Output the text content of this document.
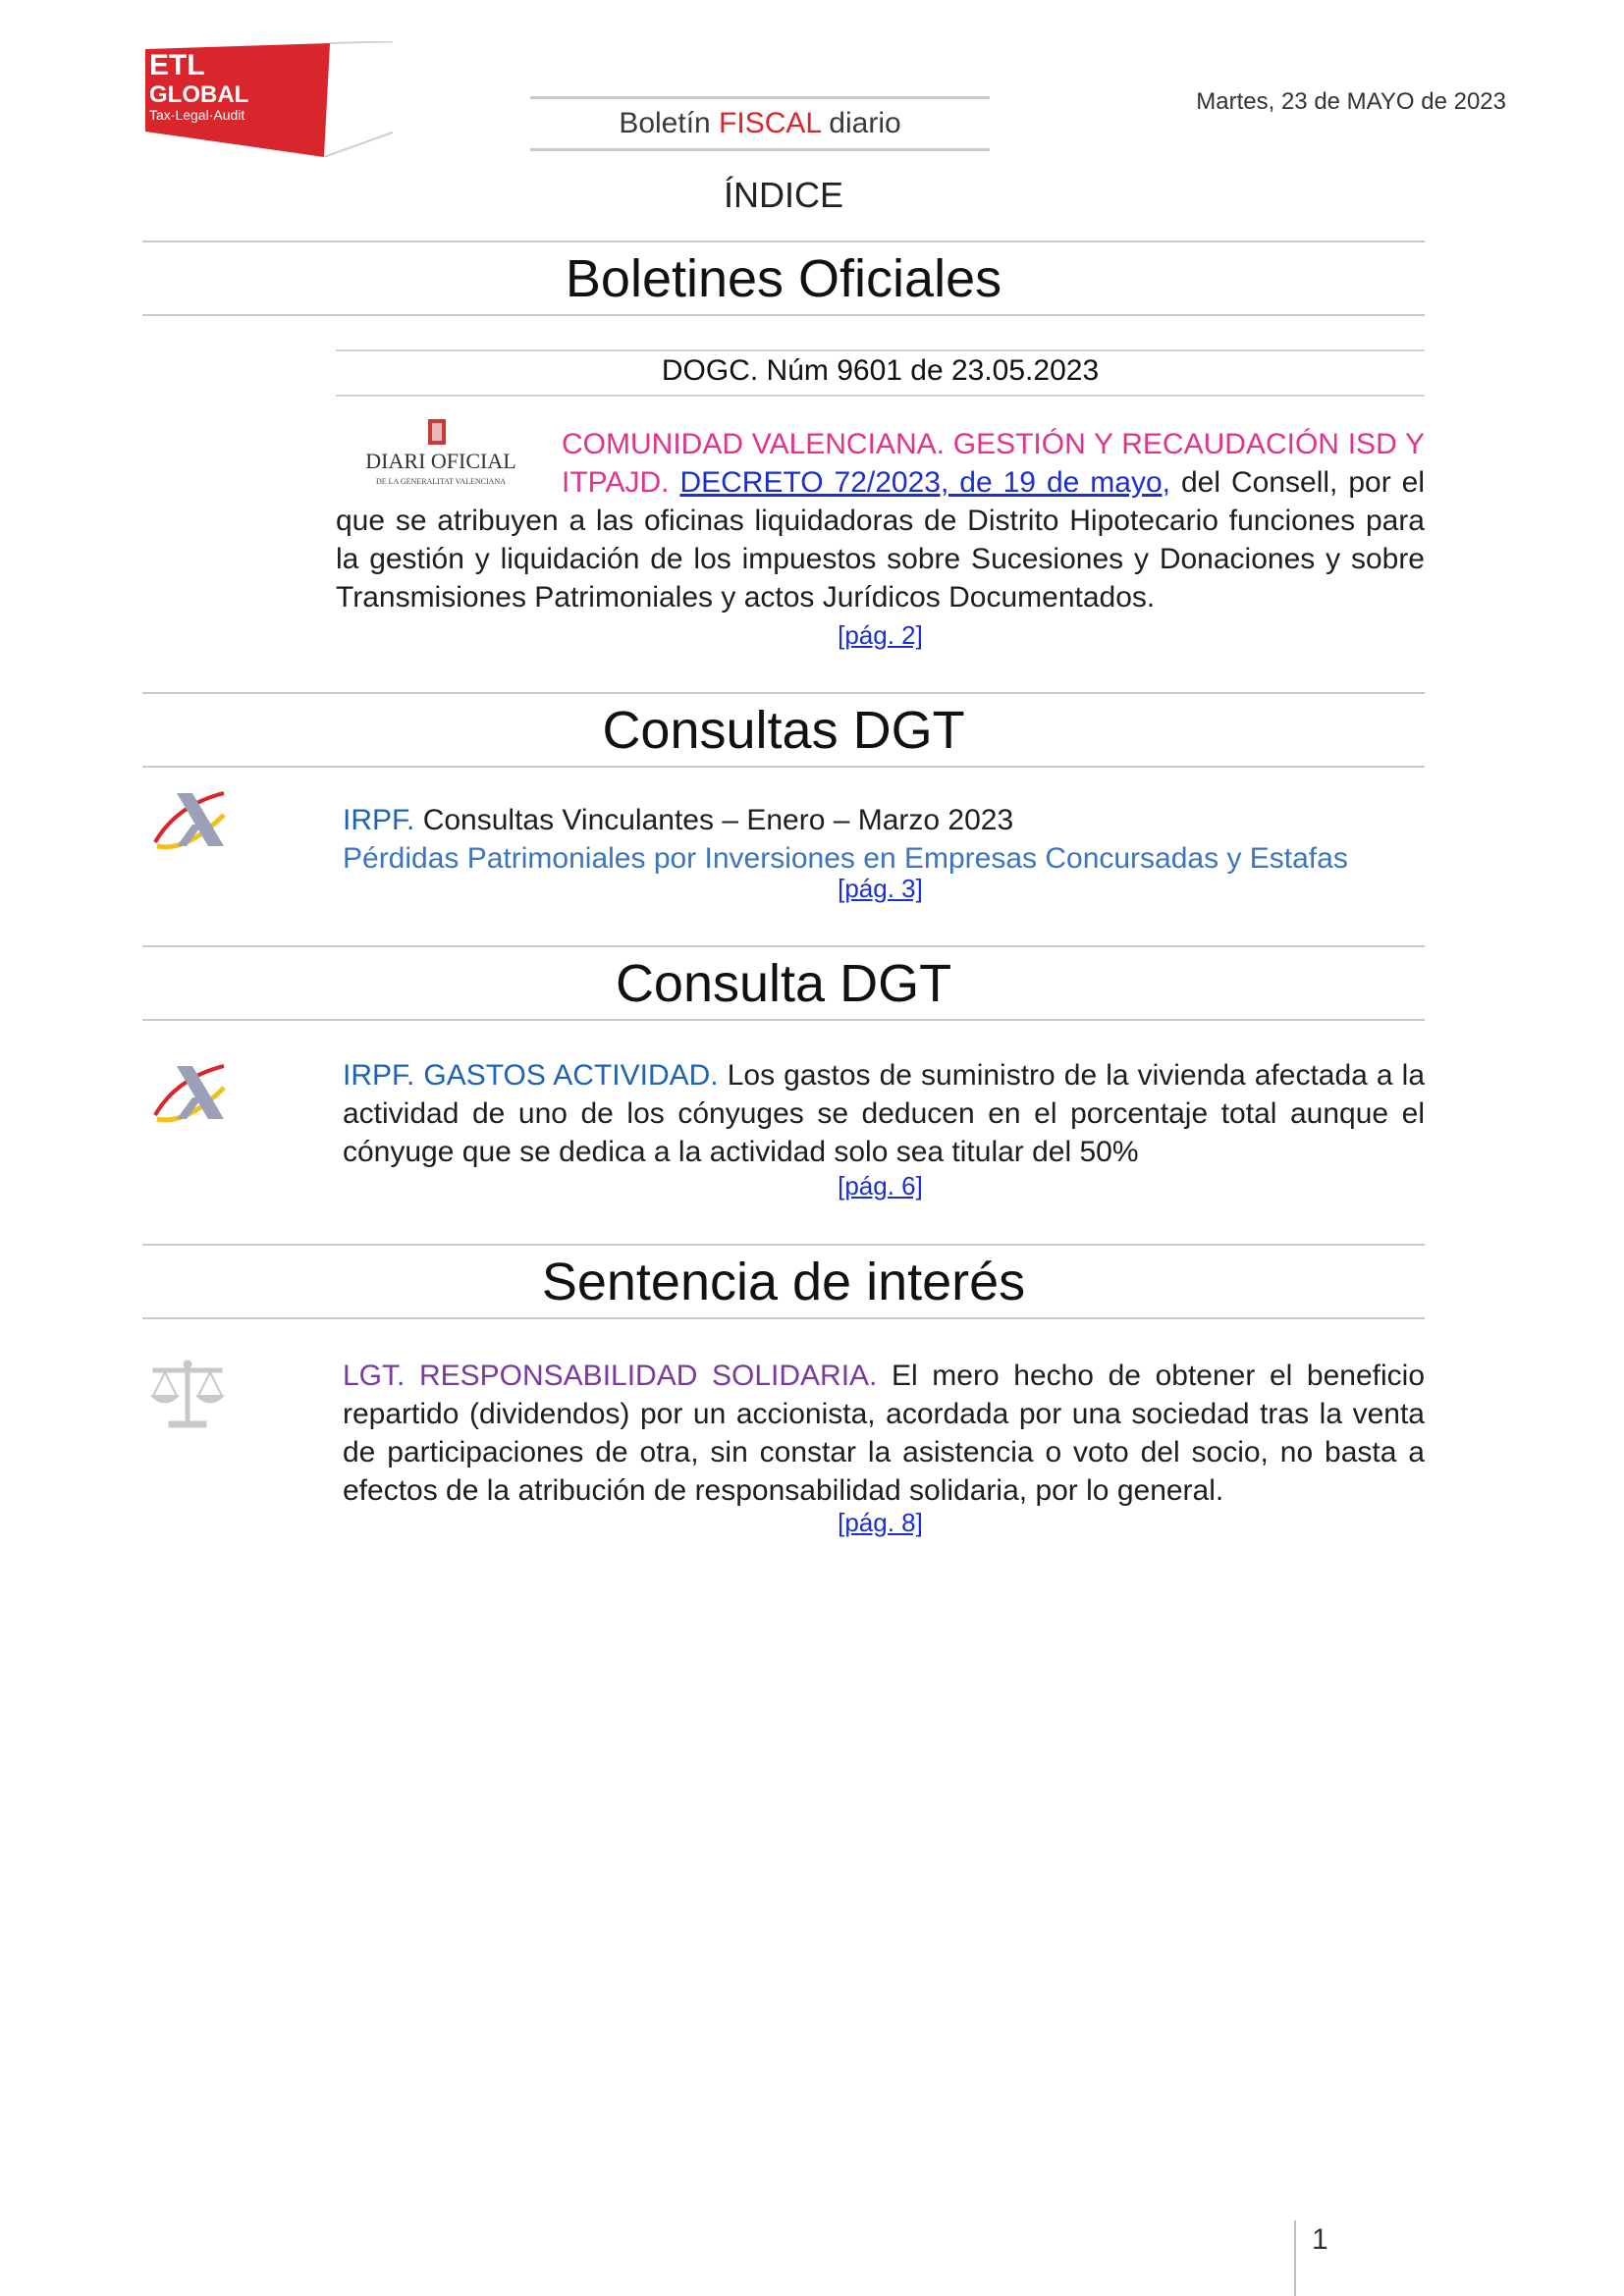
ETL
GLOBAL
Tax·Legal·Audit	Boletín FISCAL diario
Martes, 23 de MAYO de 2023
ÍNDICE
Boletines Oficiales
DOGC. Núm 9601 de 23.05.2023
DIARI OFICIAL
DE LA GENERALITAT VALENCIANA
COMUNIDAD VALENCIANA. GESTIÓN Y RECAUDACIÓN ISD Y ITPAJD. DECRETO 72/2023, de 19 de mayo, del Consell, por el que se atribuyen a las oficinas liquidadoras de Distrito Hipotecario funciones para la gestión y liquidación de los impuestos sobre Sucesiones y Donaciones y sobre Transmisiones Patrimoniales y actos Jurídicos Documentados.
[pág. 2]
Consultas DGT
IRPF. Consultas Vinculantes – Enero – Marzo 2023
Pérdidas Patrimoniales por Inversiones en Empresas Concursadas y Estafas
[pág. 3]
Consulta DGT
IRPF. GASTOS ACTIVIDAD. Los gastos de suministro de la vivienda afectada a la actividad de uno de los cónyuges se deducen en el porcentaje total aunque el cónyuge que se dedica a la actividad solo sea titular del 50%
[pág. 6]
Sentencia de interés
LGT. RESPONSABILIDAD SOLIDARIA. El mero hecho de obtener el beneficio repartido (dividendos) por un accionista, acordada por una sociedad tras la venta de participaciones de otra, sin constar la asistencia o voto del socio, no basta a efectos de la atribución de responsabilidad solidaria, por lo general.
[pág. 8]
1
